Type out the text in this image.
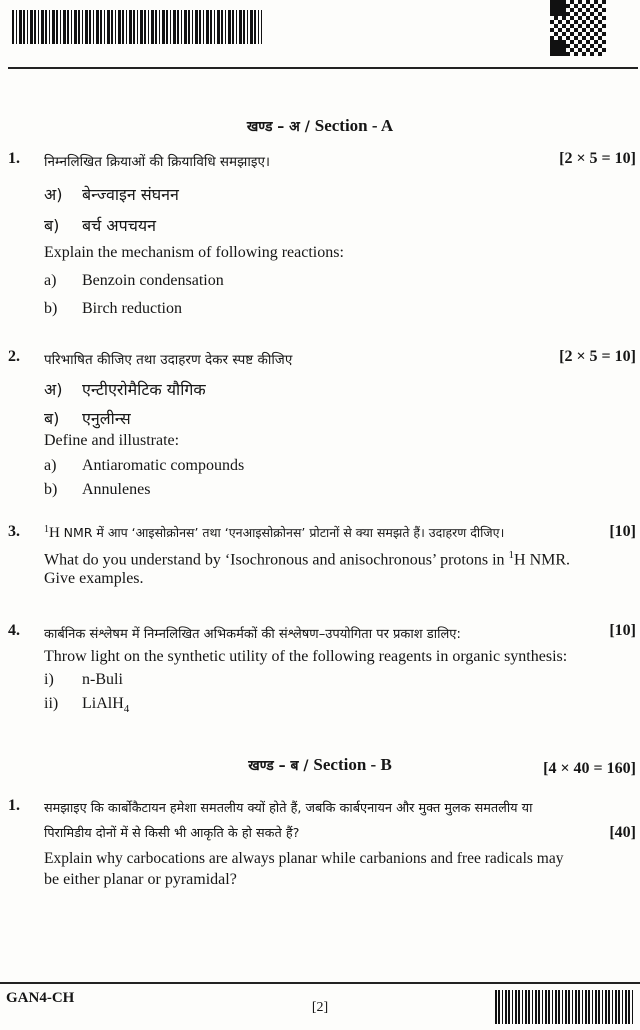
खण्ड – अ / Section - A
1. निम्नलिखित क्रियाओं की क्रियाविधि समझाइए।	[2 × 5 = 10]
अ) बेन्ज्वाइन संघनन
ब) बर्च अपचयन
Explain the mechanism of following reactions:
a) Benzoin condensation
b) Birch reduction
2. परिभाषित कीजिए तथा उदाहरण देकर स्पष्ट कीजिए	[2 × 5 = 10]
अ) एन्टीएरोमैटिक यौगिक
ब) एनुलीन्स
Define and illustrate:
a) Antiaromatic compounds
b) Annulenes
3. $^1$H NMR में आप ‘आइसोक्रोनस’ तथा ‘एनआइसोक्रोनस’ प्रोटानों से क्या समझते हैं। उदाहरण दीजिए।	[10]
What do you understand by ‘Isochronous and anisochronous’ protons in $^1$H NMR.
Give examples.
4. कार्बनिक संश्लेषम में निम्नलिखित अभिकर्मकों की संश्लेषण–उपयोगिता पर प्रकाश डालिए:	[10]
Throw light on the synthetic utility of the following reagents in organic synthesis:
i) n-Buli
ii) LiAlH$_4$
खण्ड – ब / Section - B	[4 × 40 = 160]
1. समझाइए कि कार्बोकैटायन हमेशा समतलीय क्यों होते हैं, जबकि कार्बएनायन और मुक्त मुलक समतलीय या
पिरामिडीय दोनों में से किसी भी आकृति के हो सकते हैं?	[40]
Explain why carbocations are always planar while carbanions and free radicals may
be either planar or pyramidal?
GAN4-CH
[2]
